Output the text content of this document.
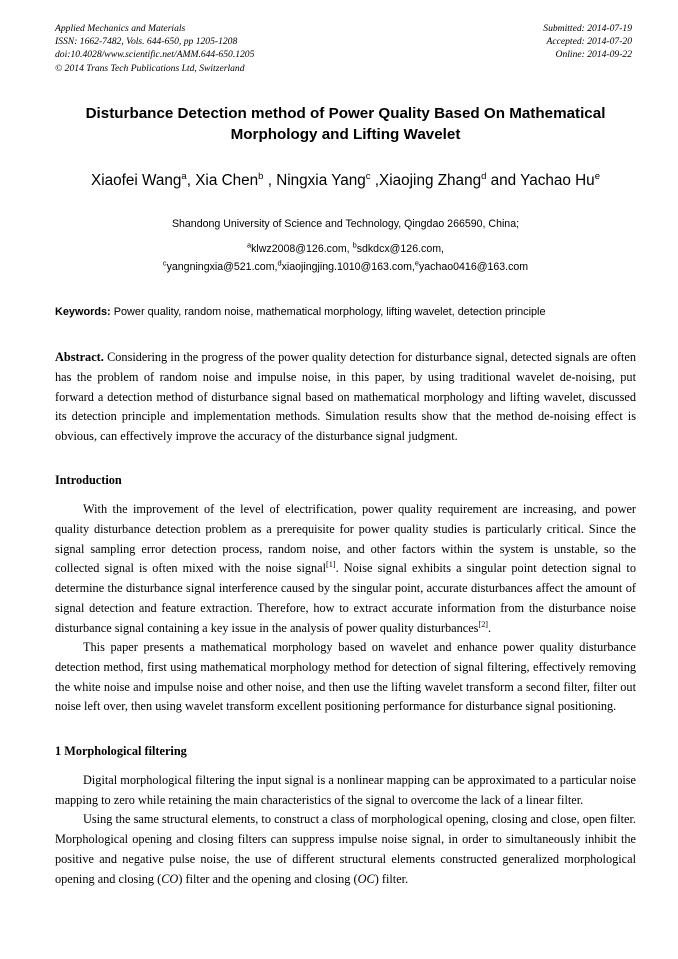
Applied Mechanics and Materials
ISSN: 1662-7482, Vols. 644-650, pp 1205-1208
doi:10.4028/www.scientific.net/AMM.644-650.1205
© 2014 Trans Tech Publications Ltd, Switzerland
Submitted: 2014-07-19
Accepted: 2014-07-20
Online: 2014-09-22
Disturbance Detection method of Power Quality Based On Mathematical Morphology and Lifting Wavelet
Xiaofei Wang$^a$, Xia Chen$^b$ , Ningxia Yang$^c$ ,Xiaojing Zhang$^d$ and Yachao Hu$^e$
Shandong University of Science and Technology, Qingdao 266590, China;
$^a$klwz2008@126.com, $^b$sdkdcx@126.com,
$^c$yangningxia@521.com,$^d$xiaojingjing.1010@163.com,$^e$yachao0416@163.com
Keywords: Power quality, random noise, mathematical morphology, lifting wavelet, detection principle
Abstract. Considering in the progress of the power quality detection for disturbance signal, detected signals are often has the problem of random noise and impulse noise, in this paper, by using traditional wavelet de-noising, put forward a detection method of disturbance signal based on mathematical morphology and lifting wavelet, discussed its detection principle and implementation methods. Simulation results show that the method de-noising effect is obvious, can effectively improve the accuracy of the disturbance signal judgment.
Introduction

With the improvement of the level of electrification, power quality requirement are increasing, and power quality disturbance detection problem as a prerequisite for power quality studies is particularly critical. Since the signal sampling error detection process, random noise, and other factors within the system is unstable, so the collected signal is often mixed with the noise signal[1]. Noise signal exhibits a singular point detection signal to determine the disturbance signal interference caused by the singular point, accurate disturbances affect the amount of signal detection and feature extraction. Therefore, how to extract accurate information from the disturbance noise disturbance signal containing a key issue in the analysis of power quality disturbances[2].

This paper presents a mathematical morphology based on wavelet and enhance power quality disturbance detection method, first using mathematical morphology method for detection of signal filtering, effectively removing the white noise and impulse noise and other noise, and then use the lifting wavelet transform a second filter, filter out noise left over, then using wavelet transform excellent positioning performance for disturbance signal positioning.

1 Morphological filtering

Digital morphological filtering the input signal is a nonlinear mapping can be approximated to a particular noise mapping to zero while retaining the main characteristics of the signal to overcome the lack of a linear filter.

Using the same structural elements, to construct a class of morphological opening, closing and close, open filter. Morphological opening and closing filters can suppress impulse noise signal, in order to simultaneously inhibit the positive and negative pulse noise, the use of different structural elements constructed generalized morphological opening and closing (CO) filter and the opening and closing (OC) filter.
